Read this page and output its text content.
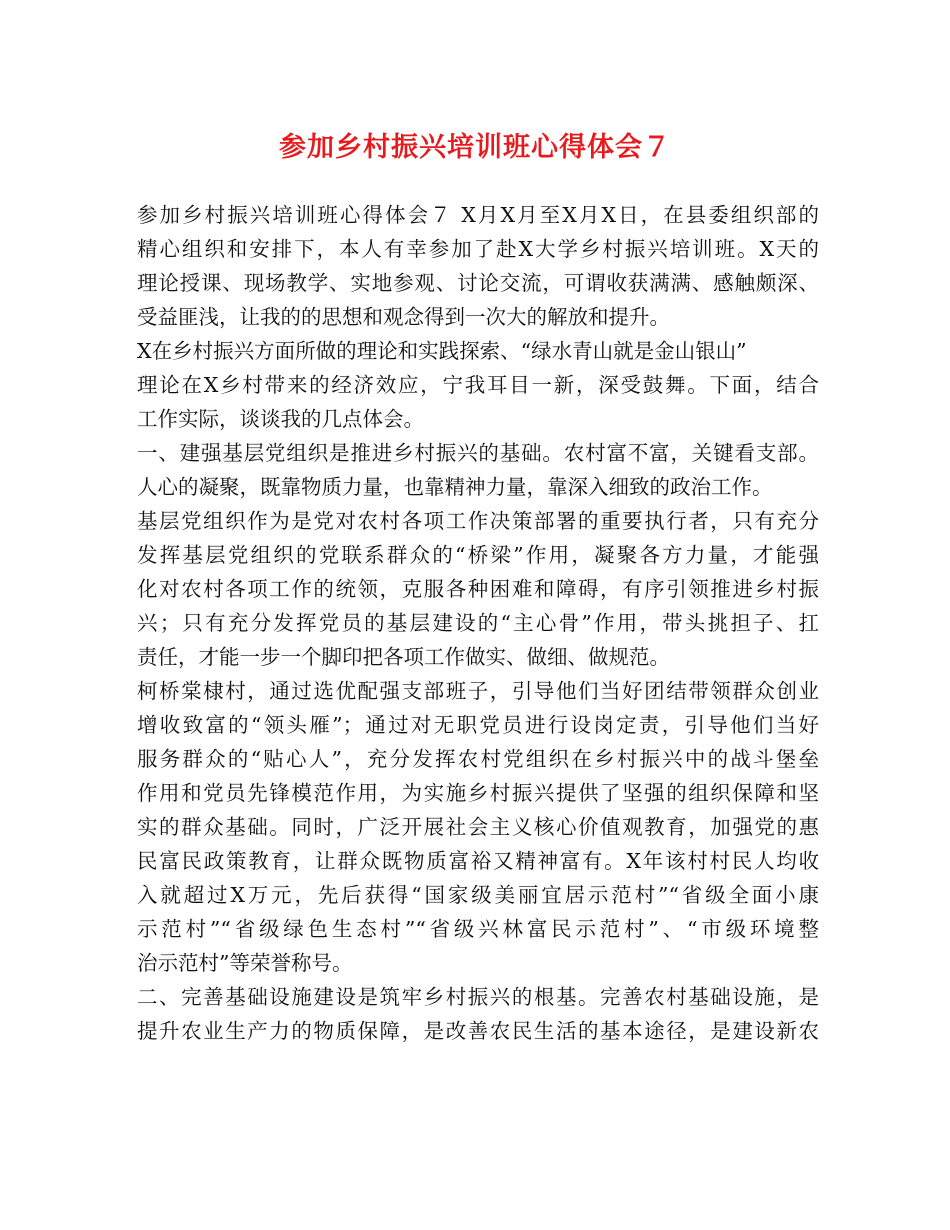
参加乡村振兴培训班心得体会７
参加乡村振兴培训班心得体会７ X月X月至X月X日，在县委组织部的
精心组织和安排下，本人有幸参加了赴X大学乡村振兴培训班。X天的
理论授课、现场教学、实地参观、讨论交流，可谓收获满满、感触颇深、
受益匪浅，让我的的思想和观念得到一次大的解放和提升。
X在乡村振兴方面所做的理论和实践探索、“绿水青山就是金山银山”
理论在X乡村带来的经济效应，宁我耳目一新，深受鼓舞。下面，结合
工作实际，谈谈我的几点体会。
一、建强基层党组织是推进乡村振兴的基础。农村富不富，关键看支部。
人心的凝聚，既靠物质力量，也靠精神力量，靠深入细致的政治工作。
基层党组织作为是党对农村各项工作决策部署的重要执行者，只有充分
发挥基层党组织的党联系群众的“桥梁”作用，凝聚各方力量，才能强
化对农村各项工作的统领，克服各种困难和障碍，有序引领推进乡村振
兴；只有充分发挥党员的基层建设的“主心骨”作用，带头挑担子、扛
责任，才能一步一个脚印把各项工作做实、做细、做规范。
柯桥棠棣村，通过选优配强支部班子，引导他们当好团结带领群众创业
增收致富的“领头雁”；通过对无职党员进行设岗定责，引导他们当好
服务群众的“贴心人”，充分发挥农村党组织在乡村振兴中的战斗堡垒
作用和党员先锋模范作用，为实施乡村振兴提供了坚强的组织保障和坚
实的群众基础。同时，广泛开展社会主义核心价值观教育，加强党的惠
民富民政策教育，让群众既物质富裕又精神富有。X年该村村民人均收
入就超过X万元，先后获得“国家级美丽宜居示范村”“省级全面小康
示范村”“省级绿色生态村”“省级兴林富民示范村”、“市级环境整
治示范村”等荣誉称号。
二、完善基础设施建设是筑牢乡村振兴的根基。完善农村基础设施，是
提升农业生产力的物质保障，是改善农民生活的基本途径，是建设新农
